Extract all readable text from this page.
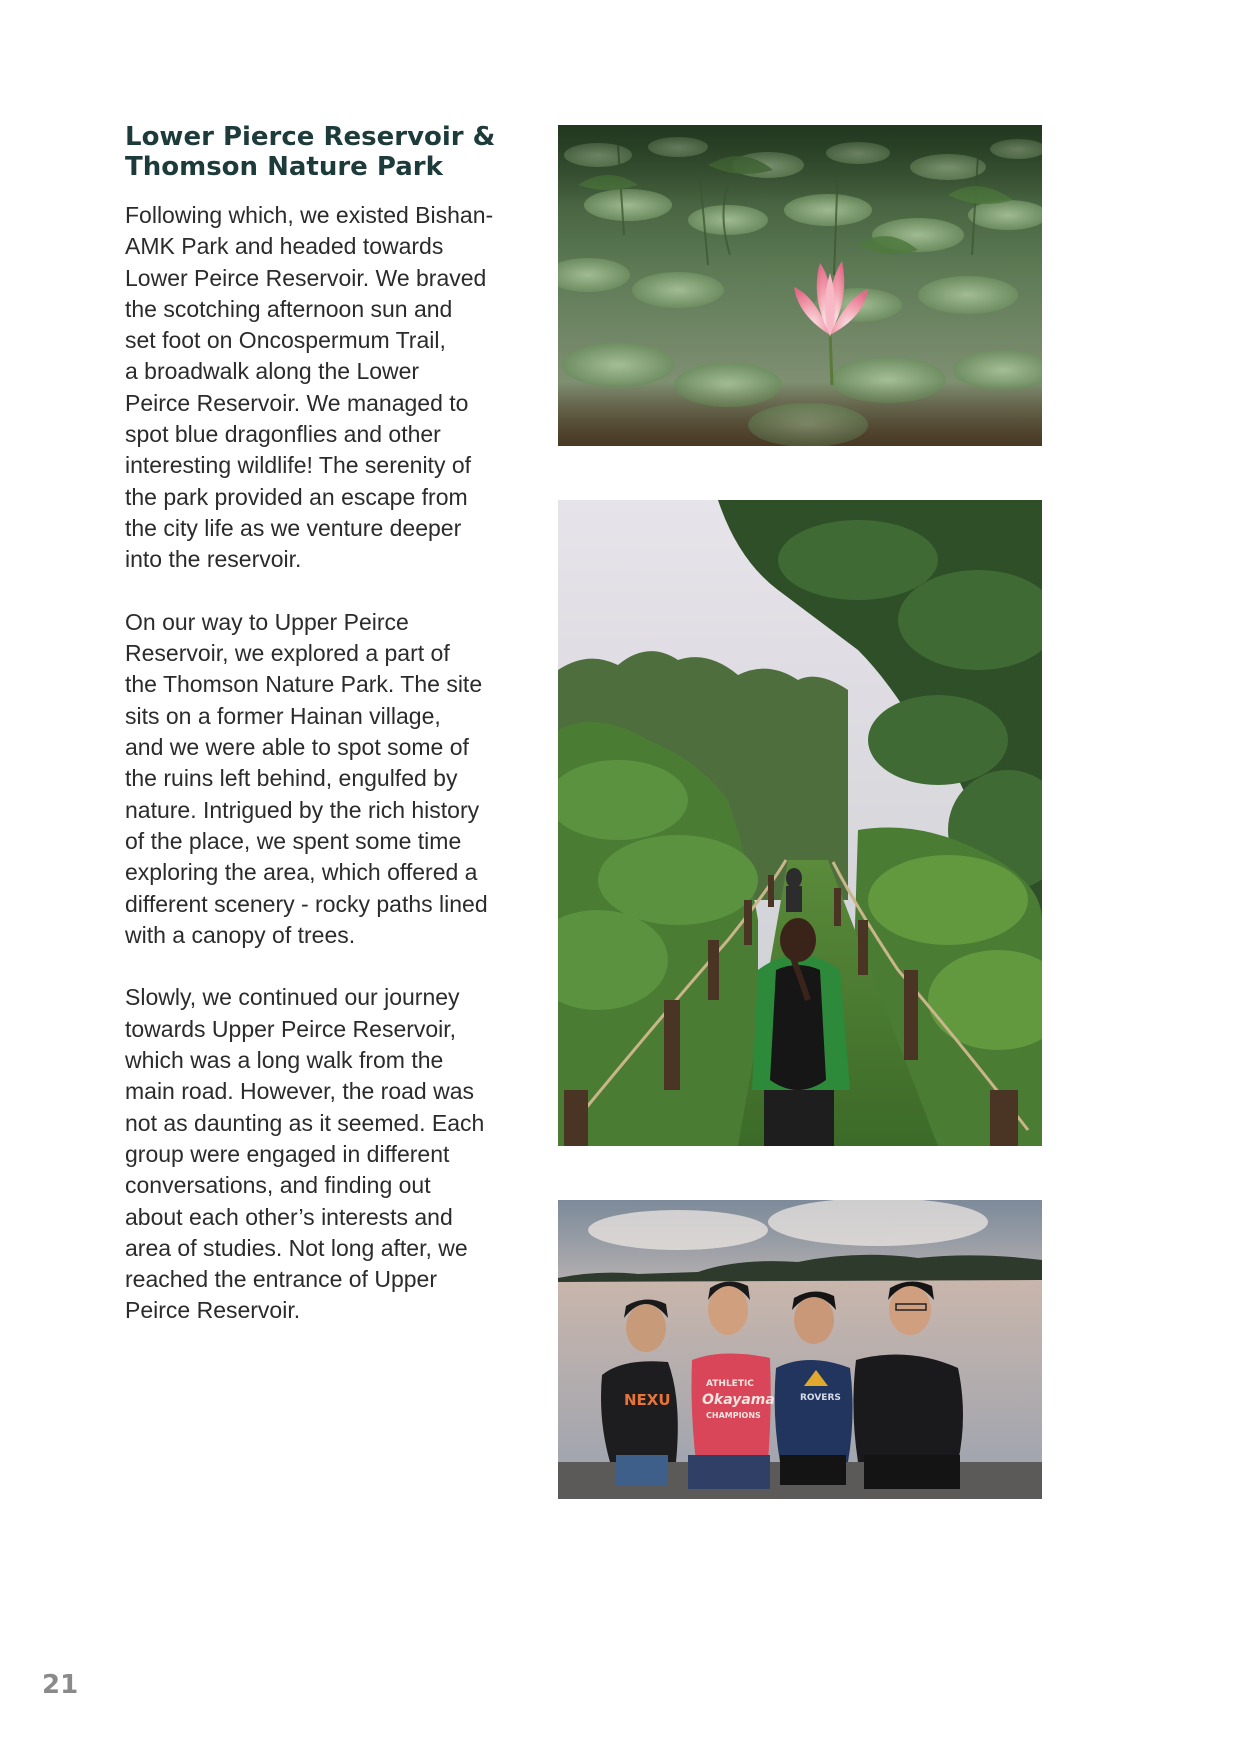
Lower Pierce Reservoir &
Thomson Nature Park

Following which, we existed Bishan-
AMK Park and headed towards
Lower Peirce Reservoir. We braved
the scotching afternoon sun and
set foot on Oncospermum Trail,
a broadwalk along the Lower
Peirce Reservoir. We managed to
spot blue dragonflies and other
interesting wildlife! The serenity of
the park provided an escape from
the city life as we venture deeper
into the reservoir.

On our way to Upper Peirce
Reservoir, we explored a part of
the Thomson Nature Park. The site
sits on a former Hainan village,
and we were able to spot some of
the ruins left behind, engulfed by
nature. Intrigued by the rich history
of the place, we spent some time
exploring the area, which offered a
different scenery - rocky paths lined
with a canopy of trees.

Slowly, we continued our journey
towards Upper Peirce Reservoir,
which was a long walk from the
main road. However, the road was
not as daunting as it seemed. Each
group were engaged in different
conversations, and finding out
about each other’s interests and
area of studies. Not long after, we
reached the entrance of Upper
Peirce Reservoir.

NEXU
ATHLETIC
Okayama
CHAMPIONS
ROVERS
21
